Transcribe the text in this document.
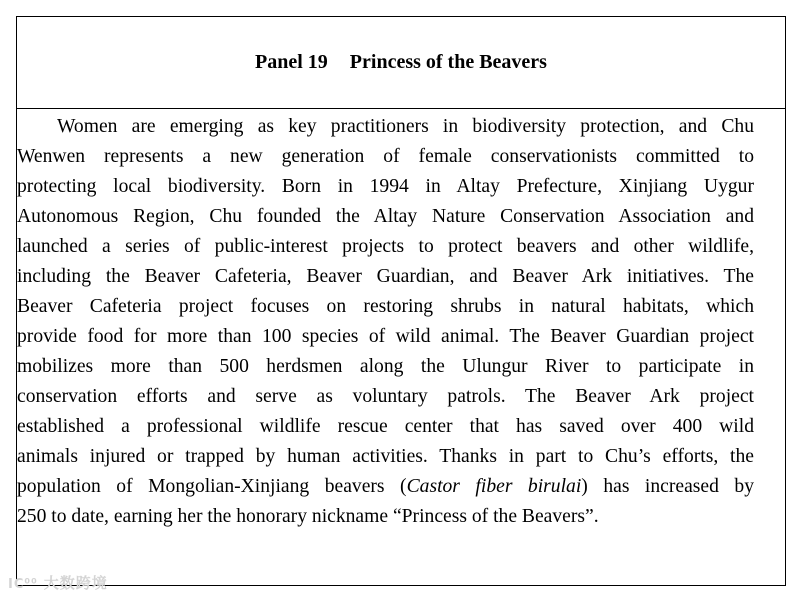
Panel 19 Princess of the Beavers
Women are emerging as key practitioners in biodiversity protection, and Chu
Wenwen represents a new generation of female conservationists committed to
protecting local biodiversity. Born in 1994 in Altay Prefecture, Xinjiang Uygur
Autonomous Region, Chu founded the Altay Nature Conservation Association and
launched a series of public-interest projects to protect beavers and other wildlife,
including the Beaver Cafeteria, Beaver Guardian, and Beaver Ark initiatives. The
Beaver Cafeteria project focuses on restoring shrubs in natural habitats, which
provide food for more than 100 species of wild animal. The Beaver Guardian project
mobilizes more than 500 herdsmen along the Ulungur River to participate in
conservation efforts and serve as voluntary patrols. The Beaver Ark project
established a professional wildlife rescue center that has saved over 400 wild
animals injured or trapped by human activities. Thanks in part to Chu’s efforts, the
population of Mongolian-Xinjiang beavers (Castor fiber birulai) has increased by
250 to date, earning her the honorary nickname “Princess of the Beavers”.
IC⁰⁰ 大数跨境
